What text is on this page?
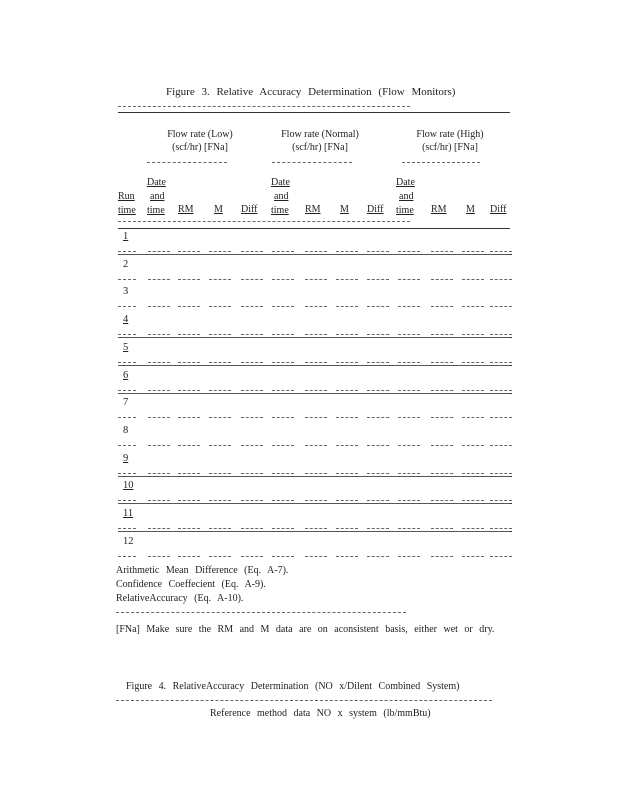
Figure 3. Relative Accuracy Determination (Flow Monitors)
Flow rate (Low)
(scf/hr) [FNa]
Flow rate (Normal)
(scf/hr) [FNa]
Flow rate (High)
(scf/hr) [FNa]
Run
time
Date
and
time RM M Diff
Date
and
time RM M Diff
Date
and
time RM M Diff
1
2
3
4
5
6
7
8
9
10
11
12
Arithmetic Mean Difference (Eq. A-7).
Confidence Coeffecient (Eq. A-9).
RelativeAccuracy (Eq. A-10).
[FNa] Make sure the RM and M data are on aconsistent basis, either wet or dry.
Figure 4. RelativeAccuracy Determination (NO x/Dilent Combined System)
Reference method data NO x system (lb/mmBtu)
